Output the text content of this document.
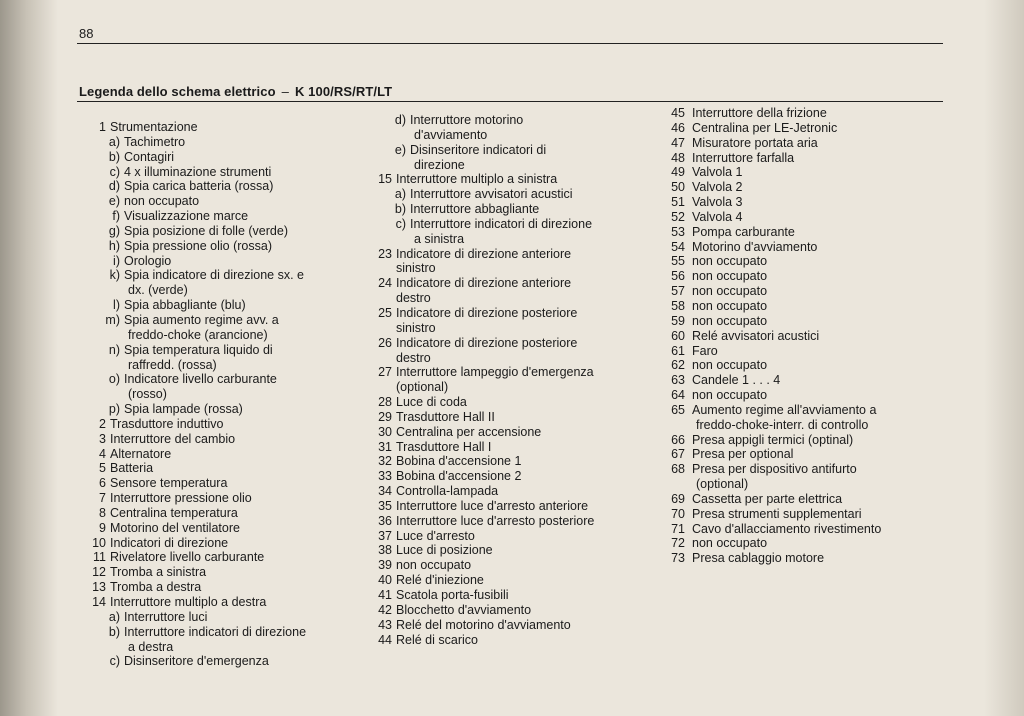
88
Legenda dello schema elettrico – K 100/RS/RT/LT
1 Strumentazione
a) Tachimetro
b) Contagiri
c) 4 x illuminazione strumenti
d) Spia carica batteria (rossa)
e) non occupato
f) Visualizzazione marce
g) Spia posizione di folle (verde)
h) Spia pressione olio (rossa)
i) Orologio
k) Spia indicatore di direzione sx. e
dx. (verde)
l) Spia abbagliante (blu)
m) Spia aumento regime avv. a
freddo-choke (arancione)
n) Spia temperatura liquido di
raffredd. (rossa)
o) Indicatore livello carburante
(rosso)
p) Spia lampade (rossa)
2 Trasduttore induttivo
3 Interruttore del cambio
4 Alternatore
5 Batteria
6 Sensore temperatura
7 Interruttore pressione olio
8 Centralina temperatura
9 Motorino del ventilatore
10 Indicatori di direzione
11 Rivelatore livello carburante
12 Tromba a sinistra
13 Tromba a destra
14 Interruttore multiplo a destra
a) Interruttore luci
b) Interruttore indicatori di direzione
a destra
c) Disinseritore d'emergenza
d) Interruttore motorino
d'avviamento
e) Disinseritore indicatori di
direzione
15 Interruttore multiplo a sinistra
a) Interruttore avvisatori acustici
b) Interruttore abbagliante
c) Interruttore indicatori di direzione
a sinistra
23 Indicatore di direzione anteriore
sinistro
24 Indicatore di direzione anteriore
destro
25 Indicatore di direzione posteriore
sinistro
26 Indicatore di direzione posteriore
destro
27 Interruttore lampeggio d'emergenza
(optional)
28 Luce di coda
29 Trasduttore Hall II
30 Centralina per accensione
31 Trasduttore Hall I
32 Bobina d'accensione 1
33 Bobina d'accensione 2
34 Controlla-lampada
35 Interruttore luce d'arresto anteriore
36 Interruttore luce d'arresto posteriore
37 Luce d'arresto
38 Luce di posizione
39 non occupato
40 Relé d'iniezione
41 Scatola porta-fusibili
42 Blocchetto d'avviamento
43 Relé del motorino d'avviamento
44 Relé di scarico
45 Interruttore della frizione
46 Centralina per LE-Jetronic
47 Misuratore portata aria
48 Interruttore farfalla
49 Valvola 1
50 Valvola 2
51 Valvola 3
52 Valvola 4
53 Pompa carburante
54 Motorino d'avviamento
55 non occupato
56 non occupato
57 non occupato
58 non occupato
59 non occupato
60 Relé avvisatori acustici
61 Faro
62 non occupato
63 Candele 1 . . . 4
64 non occupato
65 Aumento regime all'avviamento a
freddo-choke-interr. di controllo
66 Presa appigli termici (optinal)
67 Presa per optional
68 Presa per dispositivo antifurto
(optional)
69 Cassetta per parte elettrica
70 Presa strumenti supplementari
71 Cavo d'allacciamento rivestimento
72 non occupato
73 Presa cablaggio motore
